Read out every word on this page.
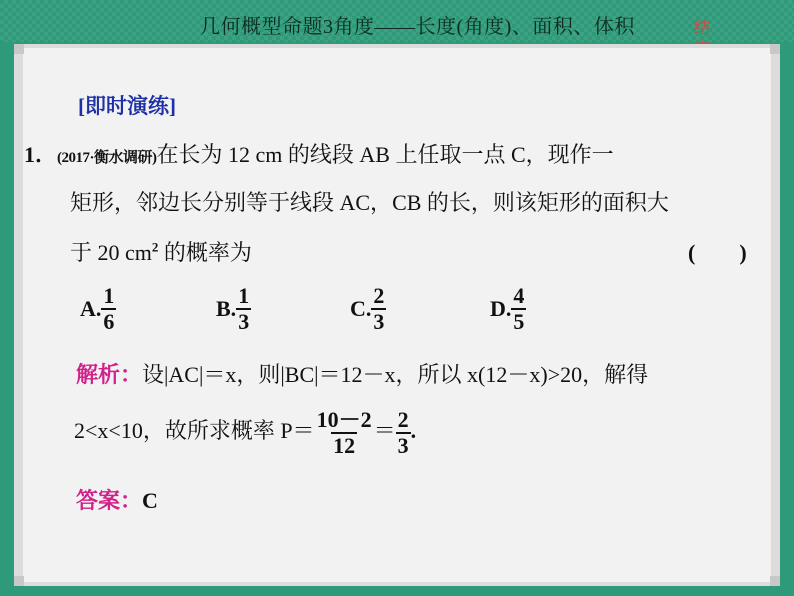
几何概型命题3角度——长度(角度)、面积、体积	结
[即时演练]
1．(2017·衡水调研)在长为 12 cm 的线段 AB 上任取一点 C，现作一
矩形，邻边长分别等于线段 AC，CB 的长，则该矩形的面积大
于 20 $cm^2$ 的概率为	(　　)
A. $\frac{1}{6}$	B. $\frac{1}{3}$	C. $\frac{2}{3}$	D. $\frac{4}{5}$
解析：设|AC|＝x，则|BC|＝12－x，所以 x(12－x)>20，解得
2<x<10，故所求概率 $P= \frac{10-2}{12} = \frac{2}{3}$ .
答案：C
